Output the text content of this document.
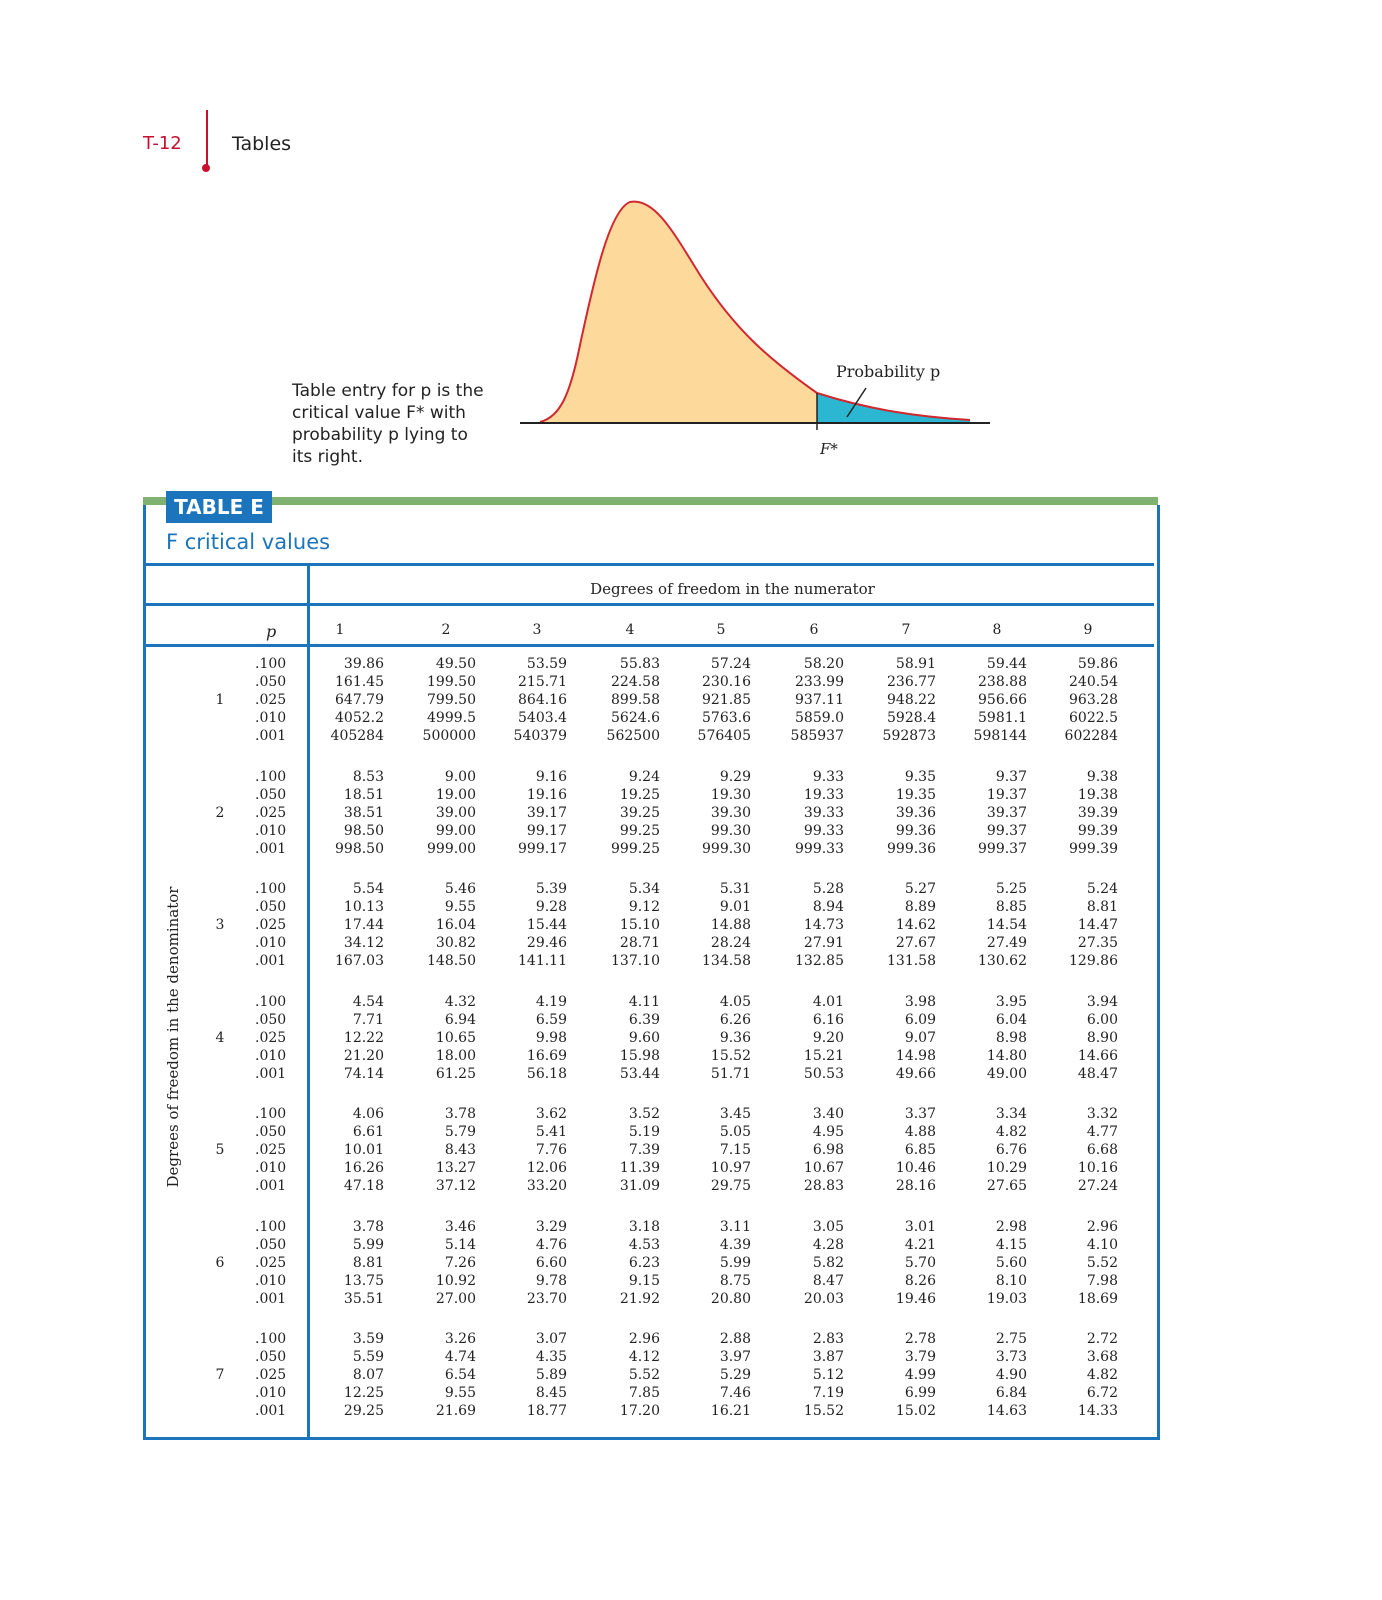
T-12	Tables
Table entry for p is the critical value F* with probability p lying to its right.
Probability p
F*
TABLE E
F critical values
Degrees of freedom in the numerator
p	1	2	3	4	5	6	7	8	9
Degrees of freedom in the denominator
1
.100	39.86	49.50	53.59	55.83	57.24	58.20	58.91	59.44	59.86
.050	161.45	199.50	215.71	224.58	230.16	233.99	236.77	238.88	240.54
.025	647.79	799.50	864.16	899.58	921.85	937.11	948.22	956.66	963.28
.010	4052.2	4999.5	5403.4	5624.6	5763.6	5859.0	5928.4	5981.1	6022.5
.001	405284	500000	540379	562500	576405	585937	592873	598144	602284
2
.100	8.53	9.00	9.16	9.24	9.29	9.33	9.35	9.37	9.38
.050	18.51	19.00	19.16	19.25	19.30	19.33	19.35	19.37	19.38
.025	38.51	39.00	39.17	39.25	39.30	39.33	39.36	39.37	39.39
.010	98.50	99.00	99.17	99.25	99.30	99.33	99.36	99.37	99.39
.001	998.50	999.00	999.17	999.25	999.30	999.33	999.36	999.37	999.39
3
.100	5.54	5.46	5.39	5.34	5.31	5.28	5.27	5.25	5.24
.050	10.13	9.55	9.28	9.12	9.01	8.94	8.89	8.85	8.81
.025	17.44	16.04	15.44	15.10	14.88	14.73	14.62	14.54	14.47
.010	34.12	30.82	29.46	28.71	28.24	27.91	27.67	27.49	27.35
.001	167.03	148.50	141.11	137.10	134.58	132.85	131.58	130.62	129.86
4
.100	4.54	4.32	4.19	4.11	4.05	4.01	3.98	3.95	3.94
.050	7.71	6.94	6.59	6.39	6.26	6.16	6.09	6.04	6.00
.025	12.22	10.65	9.98	9.60	9.36	9.20	9.07	8.98	8.90
.010	21.20	18.00	16.69	15.98	15.52	15.21	14.98	14.80	14.66
.001	74.14	61.25	56.18	53.44	51.71	50.53	49.66	49.00	48.47
5
.100	4.06	3.78	3.62	3.52	3.45	3.40	3.37	3.34	3.32
.050	6.61	5.79	5.41	5.19	5.05	4.95	4.88	4.82	4.77
.025	10.01	8.43	7.76	7.39	7.15	6.98	6.85	6.76	6.68
.010	16.26	13.27	12.06	11.39	10.97	10.67	10.46	10.29	10.16
.001	47.18	37.12	33.20	31.09	29.75	28.83	28.16	27.65	27.24
6
.100	3.78	3.46	3.29	3.18	3.11	3.05	3.01	2.98	2.96
.050	5.99	5.14	4.76	4.53	4.39	4.28	4.21	4.15	4.10
.025	8.81	7.26	6.60	6.23	5.99	5.82	5.70	5.60	5.52
.010	13.75	10.92	9.78	9.15	8.75	8.47	8.26	8.10	7.98
.001	35.51	27.00	23.70	21.92	20.80	20.03	19.46	19.03	18.69
7
.100	3.59	3.26	3.07	2.96	2.88	2.83	2.78	2.75	2.72
.050	5.59	4.74	4.35	4.12	3.97	3.87	3.79	3.73	3.68
.025	8.07	6.54	5.89	5.52	5.29	5.12	4.99	4.90	4.82
.010	12.25	9.55	8.45	7.85	7.46	7.19	6.99	6.84	6.72
.001	29.25	21.69	18.77	17.20	16.21	15.52	15.02	14.63	14.33
